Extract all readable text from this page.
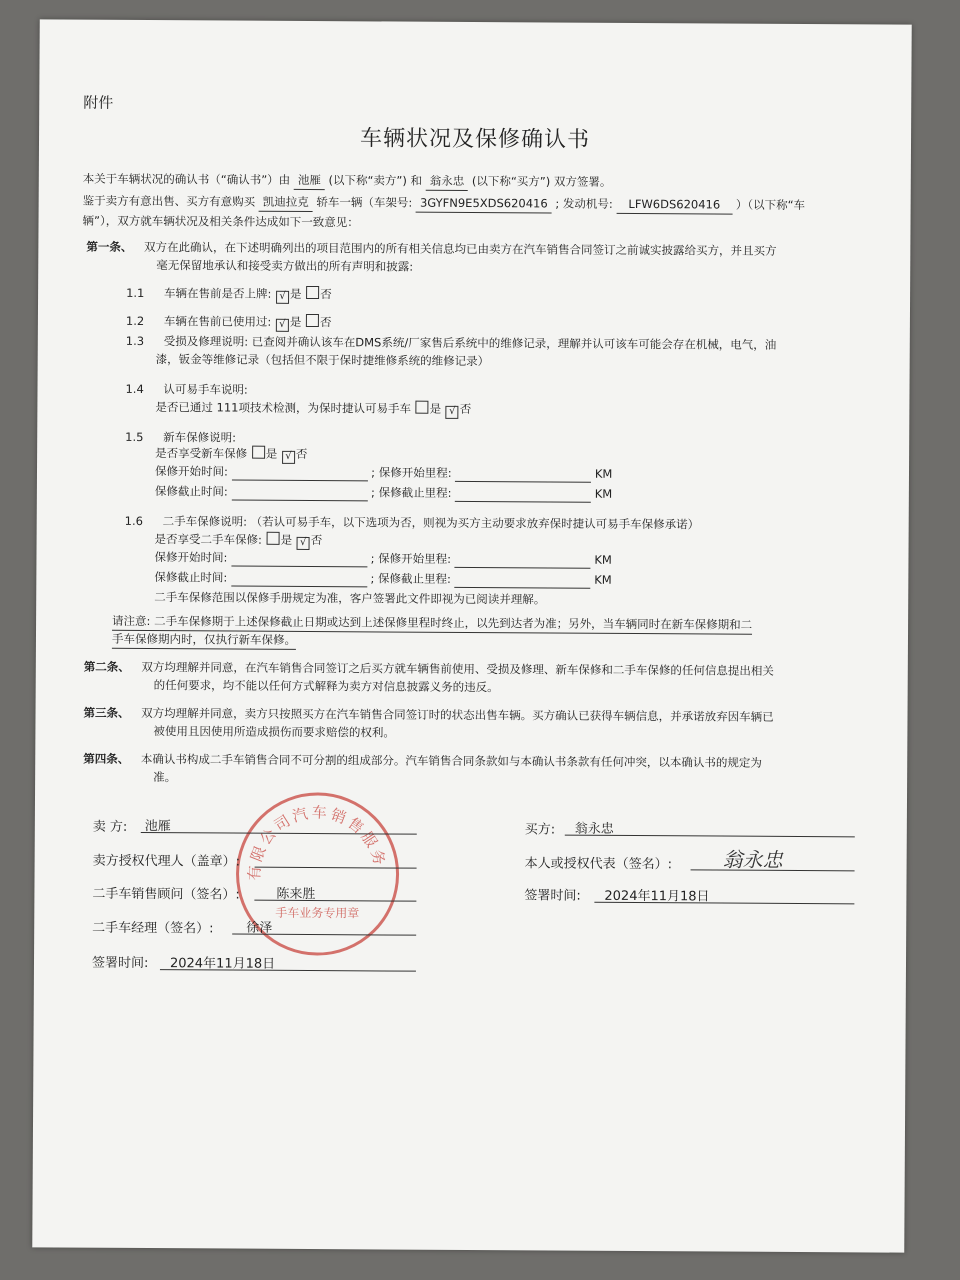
附件
车辆状况及保修确认书
本关于车辆状况的确认书（“确认书”）由 池雁 (以下称“卖方”) 和 翁永忠 (以下称“买方”) 双方签署。
鉴于卖方有意出售、买方有意购买 凯迪拉克 轿车一辆（车架号: 3GYFN9E5XDS620416 ; 发动机号: LFW6DS620416 ）（以下称“车
辆”），双方就车辆状况及相关条件达成如下一致意见：
第一条、 双方在此确认，在下述明确列出的项目范围内的所有相关信息均已由卖方在汽车销售合同签订之前诚实披露给买方，并且买方
毫无保留地承认和接受卖方做出的所有声明和披露:
1.1 车辆在售前是否上牌: √ 是 否
1.2 车辆在售前已使用过: √ 是 否
1.3 受损及修理说明: 已查阅并确认该车在DMS系统/厂家售后系统中的维修记录，理解并认可该车可能会存在机械，电气，油
漆，钣金等维修记录（包括但不限于保时捷维修系统的维修记录）
1.4 认可易手车说明:
是否已通过 111项技术检测，为保时捷认可易手车 是 √ 否
1.5 新车保修说明:
是否享受新车保修 是 √ 否
保修开始时间:	; 保修开始里程:	KM
保修截止时间:	; 保修截止里程:	KM
1.6 二手车保修说明: （若认可易手车，以下选项为否，则视为买方主动要求放弃保时捷认可易手车保修承诺）
是否享受二手车保修: 是 √ 否
保修开始时间:	; 保修开始里程:	KM
保修截止时间:	; 保修截止里程:	KM
二手车保修范围以保修手册规定为准，客户签署此文件即视为已阅读并理解。
请注意: 二手车保修期于上述保修截止日期或达到上述保修里程时终止，以先到达者为准；另外，当车辆同时在新车保修期和二
手车保修期内时，仅执行新车保修。
第二条、 双方均理解并同意，在汽车销售合同签订之后买方就车辆售前使用、受损及修理、新车保修和二手车保修的任何信息提出相关
的任何要求，均不能以任何方式解释为卖方对信息披露义务的违反。
第三条、 双方均理解并同意，卖方只按照买方在汽车销售合同签订时的状态出售车辆。买方确认已获得车辆信息，并承诺放弃因车辆已
被使用且因使用所造成损伤而要求赔偿的权利。
第四条、 本确认书构成二手车销售合同不可分割的组成部分。汽车销售合同条款如与本确认书条款有任何冲突，以本确认书的规定为
准。
有限公司汽车销售服务
手车业务专用章
卖 方: 池雁
卖方授权代理人（盖章）:
二手车销售顾问（签名）:	陈来胜
二手车经理（签名）:	徐泽
签署时间: 2024年11月18日
买方: 翁永忠
本人或授权代表（签名）:	翁永忠
签署时间: 2024年11月18日
